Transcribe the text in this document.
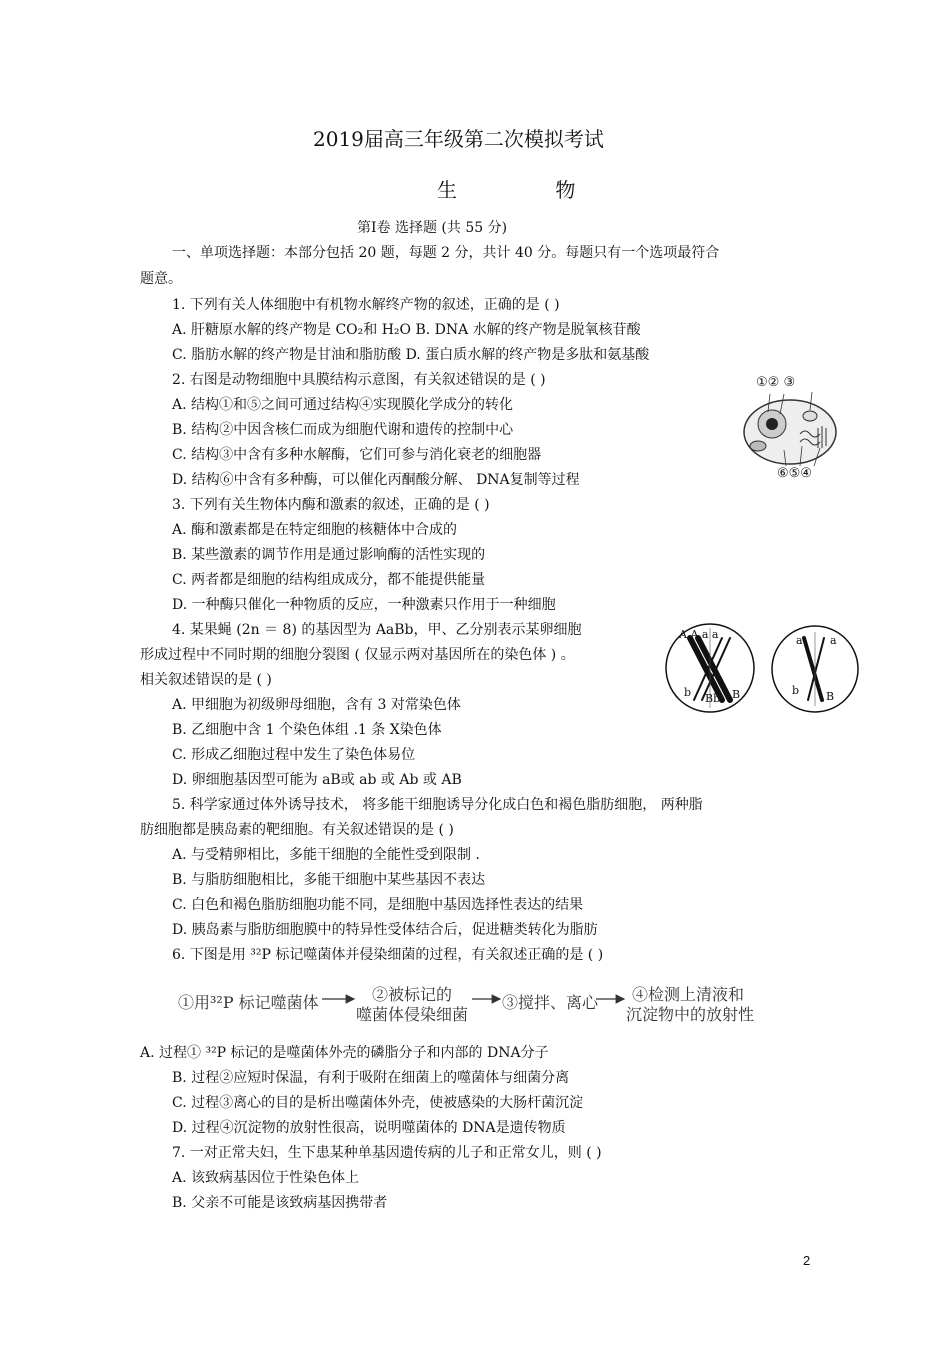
2019届高三年级第二次模拟考试
生 物
第Ⅰ卷 选择题 (共 55 分)
一、单项选择题：本部分包括 20 题，每题 2 分，共计 40 分。每题只有一个选项最符合
题意。
1. 下列有关人体细胞中有机物水解终产物的叙述，正确的是 ( )
A. 肝糖原水解的终产物是 CO₂和 H₂O B. DNA 水解的终产物是脱氧核苷酸
C. 脂肪水解的终产物是甘油和脂肪酸 D. 蛋白质水解的终产物是多肽和氨基酸
2. 右图是动物细胞中具膜结构示意图，有关叙述错误的是 ( )
A. 结构①和⑤之间可通过结构④实现膜化学成分的转化
B. 结构②中因含核仁而成为细胞代谢和遗传的控制中心
C. 结构③中含有多种水解酶，它们可参与消化衰老的细胞器
D. 结构⑥中含有多种酶，可以催化丙酮酸分解、 DNA复制等过程
①② ③
⑥⑤④
3. 下列有关生物体内酶和激素的叙述，正确的是 ( )
A. 酶和激素都是在特定细胞的核糖体中合成的
B. 某些激素的调节作用是通过影响酶的活性实现的
C. 两者都是细胞的结构组成成分，都不能提供能量
D. 一种酶只催化一种物质的反应，一种激素只作用于一种细胞
4. 某果蝇 (2n ＝ 8) 的基因型为 AaBb，甲、乙分别表示某卵细胞
形成过程中不同时期的细胞分裂图 ( 仅显示两对基因所在的染色体 ) 。
相关叙述错误的是 ( )
A. 甲细胞为初级卵母细胞，含有 3 对常染色体
B. 乙细胞中含 1 个染色体组 .1 条 X染色体
C. 形成乙细胞过程中发生了染色体易位
D. 卵细胞基因型可能为 aB或 ab 或 Ab 或 AB
A A a a
b Bb B
a a
b B
5. 科学家通过体外诱导技术， 将多能干细胞诱导分化成白色和褐色脂肪细胞， 两种脂
肪细胞都是胰岛素的靶细胞。有关叙述错误的是 ( )
A. 与受精卵相比，多能干细胞的全能性受到限制 .
B. 与脂肪细胞相比，多能干细胞中某些基因不表达
C. 白色和褐色脂肪细胞功能不同，是细胞中基因选择性表达的结果
D. 胰岛素与脂肪细胞膜中的特异性受体结合后，促进糖类转化为脂肪
6. 下图是用 ³²P 标记噬菌体并侵染细菌的过程，有关叙述正确的是 ( )
①用³²P 标记噬菌体	②被标记的
噬菌体侵染细菌
③搅拌、离心 ④检测上清液和
沉淀物中的放射性
A. 过程① ³²P 标记的是噬菌体外壳的磷脂分子和内部的 DNA分子
B. 过程②应短时保温，有利于吸附在细菌上的噬菌体与细菌分离
C. 过程③离心的目的是析出噬菌体外壳，使被感染的大肠杆菌沉淀
D. 过程④沉淀物的放射性很高，说明噬菌体的 DNA是遗传物质
7. 一对正常夫妇，生下患某种单基因遗传病的儿子和正常女儿，则 ( )
A. 该致病基因位于性染色体上
B. 父亲不可能是该致病基因携带者
2
